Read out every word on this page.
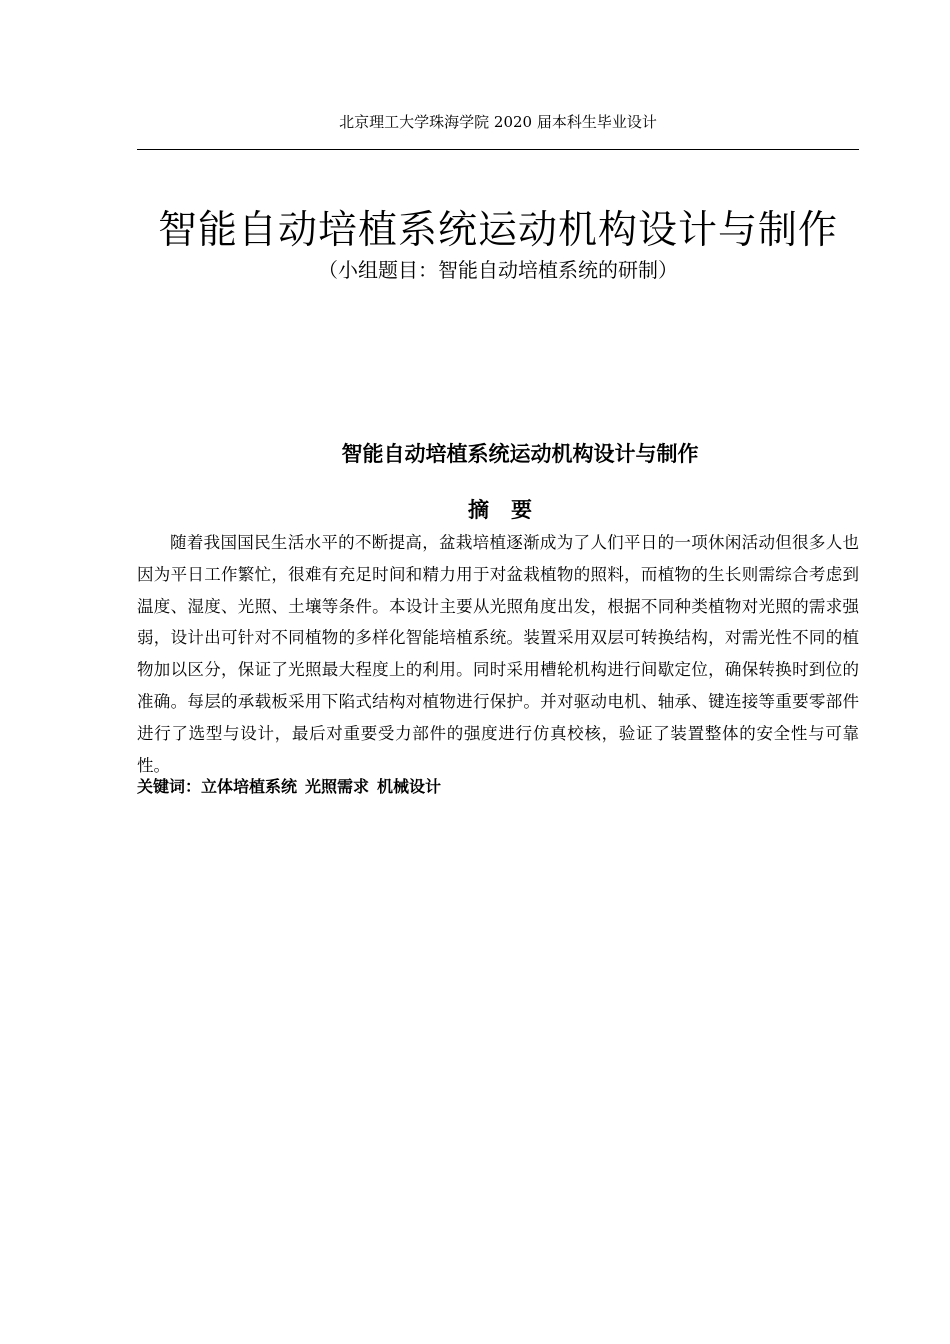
北京理工大学珠海学院 2020 届本科生毕业设计
智能自动培植系统运动机构设计与制作
（小组题目：智能自动培植系统的研制）
智能自动培植系统运动机构设计与制作
摘要

随着我国国民生活水平的不断提高，盆栽培植逐渐成为了人们平日的一项休闲活动但很多人也因为平日工作繁忙，很难有充足时间和精力用于对盆栽植物的照料，而植物的生长则需综合考虑到温度、湿度、光照、土壤等条件。本设计主要从光照角度出发，根据不同种类植物对光照的需求强弱，设计出可针对不同植物的多样化智能培植系统。装置采用双层可转换结构，对需光性不同的植物加以区分，保证了光照最大程度上的利用。同时采用槽轮机构进行间歇定位，确保转换时到位的准确。每层的承载板采用下陷式结构对植物进行保护。并对驱动电机、轴承、键连接等重要零部件进行了选型与设计，最后对重要受力部件的强度进行仿真校核，验证了装置整体的安全性与可靠性。

关键词：立体培植系统 光照需求 机械设计
